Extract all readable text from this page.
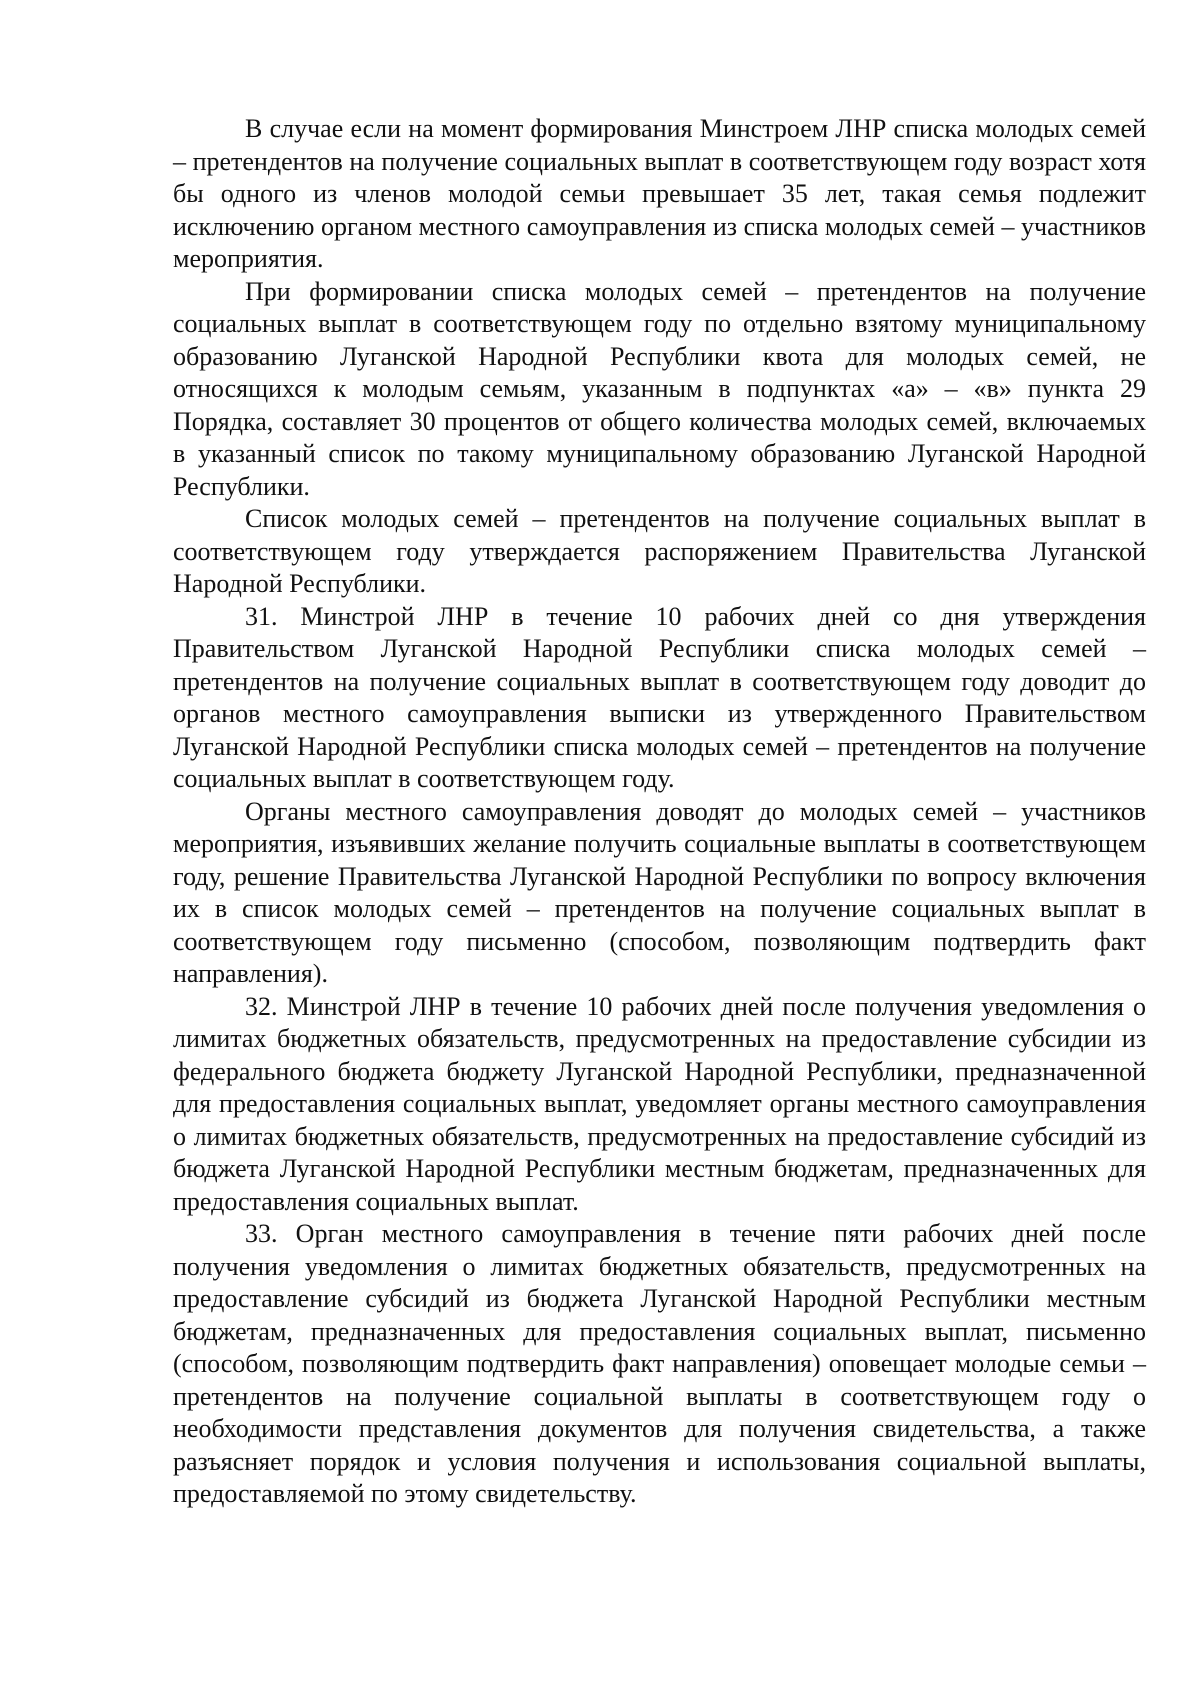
В случае если на момент формирования Минстроем ЛНР списка молодых семей – претендентов на получение социальных выплат в соответствующем году возраст хотя бы одного из членов молодой семьи превышает 35 лет, такая семья подлежит исключению органом местного самоуправления из списка молодых семей – участников мероприятия.

При формировании списка молодых семей – претендентов на получение социальных выплат в соответствующем году по отдельно взятому муниципальному образованию Луганской Народной Республики квота для молодых семей, не относящихся к молодым семьям, указанным в подпунктах «а» – «в» пункта 29 Порядка, составляет 30 процентов от общего количества молодых семей, включаемых в указанный список по такому муниципальному образованию Луганской Народной Республики.

Список молодых семей – претендентов на получение социальных выплат в соответствующем году утверждается распоряжением Правительства Луганской Народной Республики.

31. Минстрой ЛНР в течение 10 рабочих дней со дня утверждения Правительством Луганской Народной Республики списка молодых семей – претендентов на получение социальных выплат в соответствующем году доводит до органов местного самоуправления выписки из утвержденного Правительством Луганской Народной Республики списка молодых семей – претендентов на получение социальных выплат в соответствующем году.

Органы местного самоуправления доводят до молодых семей – участников мероприятия, изъявивших желание получить социальные выплаты в соответствующем году, решение Правительства Луганской Народной Республики по вопросу включения их в список молодых семей – претендентов на получение социальных выплат в соответствующем году письменно (способом, позволяющим подтвердить факт направления).

32. Минстрой ЛНР в течение 10 рабочих дней после получения уведомления о лимитах бюджетных обязательств, предусмотренных на предоставление субсидии из федерального бюджета бюджету Луганской Народной Республики, предназначенной для предоставления социальных выплат, уведомляет органы местного самоуправления о лимитах бюджетных обязательств, предусмотренных на предоставление субсидий из бюджета Луганской Народной Республики местным бюджетам, предназначенных для предоставления социальных выплат.

33. Орган местного самоуправления в течение пяти рабочих дней после получения уведомления о лимитах бюджетных обязательств, предусмотренных на предоставление субсидий из бюджета Луганской Народной Республики местным бюджетам, предназначенных для предоставления социальных выплат, письменно (способом, позволяющим подтвердить факт направления) оповещает молодые семьи – претендентов на получение социальной выплаты в соответствующем году о необходимости представления документов для получения свидетельства, а также разъясняет порядок и условия получения и использования социальной выплаты, предоставляемой по этому свидетельству.
